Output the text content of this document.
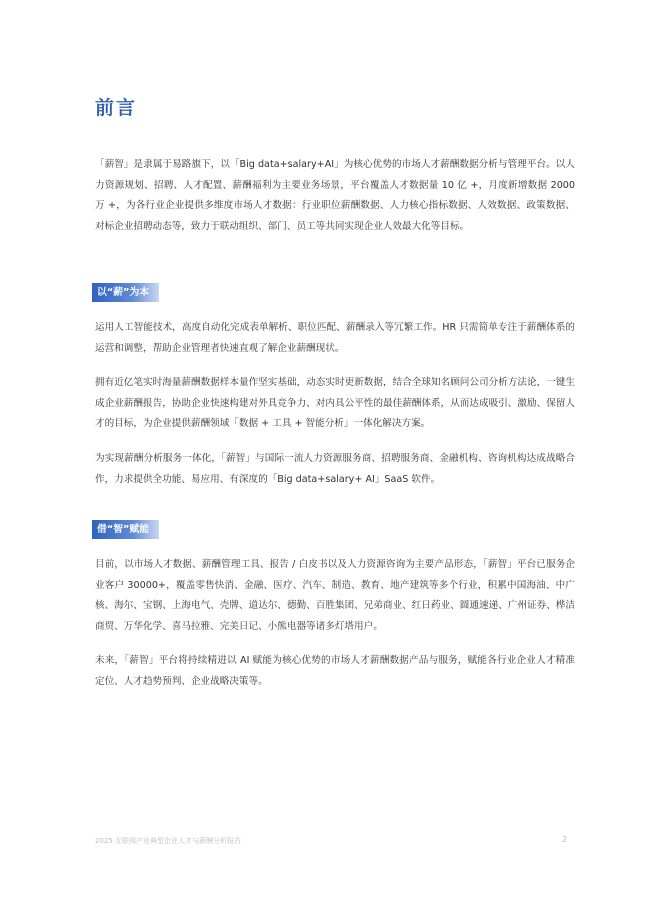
前言

「薪智」是隶属于易路旗下，以「Big data+salary+AI」为核心优势的市场人才薪酬数据分析与管理平台。以人力资源规划、招聘、人才配置、薪酬福利为主要业务场景，平台覆盖人才数据量 10 亿 +，月度新增数据 2000 万 +，为各行业企业提供多维度市场人才数据：行业职位薪酬数据、人力核心指标数据、人效数据、政策数据、对标企业招聘动态等，致力于联动组织、部门、员工等共同实现企业人效最大化等目标。

以“薪”为本

运用人工智能技术，高度自动化完成表单解析、职位匹配、薪酬录入等冗繁工作。HR 只需简单专注于薪酬体系的运营和调整，帮助企业管理者快速直观了解企业薪酬现状。

拥有近亿笔实时海量薪酬数据样本量作坚实基础，动态实时更新数据，结合全球知名顾问公司分析方法论，一键生成企业薪酬报告，协助企业快速构建对外具竞争力、对内具公平性的最佳薪酬体系，从而达成吸引、激励、保留人才的目标，为企业提供薪酬领域「数据 + 工具 + 智能分析」一体化解决方案。

为实现薪酬分析服务一体化，「薪智」与国际一流人力资源服务商、招聘服务商、金融机构、咨询机构达成战略合作，力求提供全功能、易应用、有深度的「Big data+salary+ AI」SaaS 软件。

借“智”赋能

目前，以市场人才数据、薪酬管理工具、报告 / 白皮书以及人力资源咨询为主要产品形态，「薪智」平台已服务企业客户 30000+，覆盖零售快消、金融、医疗、汽车、制造、教育、地产建筑等多个行业，积累中国海油、中广核、海尔、宝钢、上海电气、壳牌、道达尔、德勤、百胜集团、兄弟商业、红日药业、圆通速递、广州证券、桦洁商贸、万华化学、喜马拉雅、完美日记、小熊电器等诸多灯塔用户。

未来，「薪智」平台将持续精进以 AI 赋能为核心优势的市场人才薪酬数据产品与服务，赋能各行业企业人才精准定位、人才趋势预判、企业战略决策等。

2025 互联网产业典型企业人才与薪酬分析报告	2
